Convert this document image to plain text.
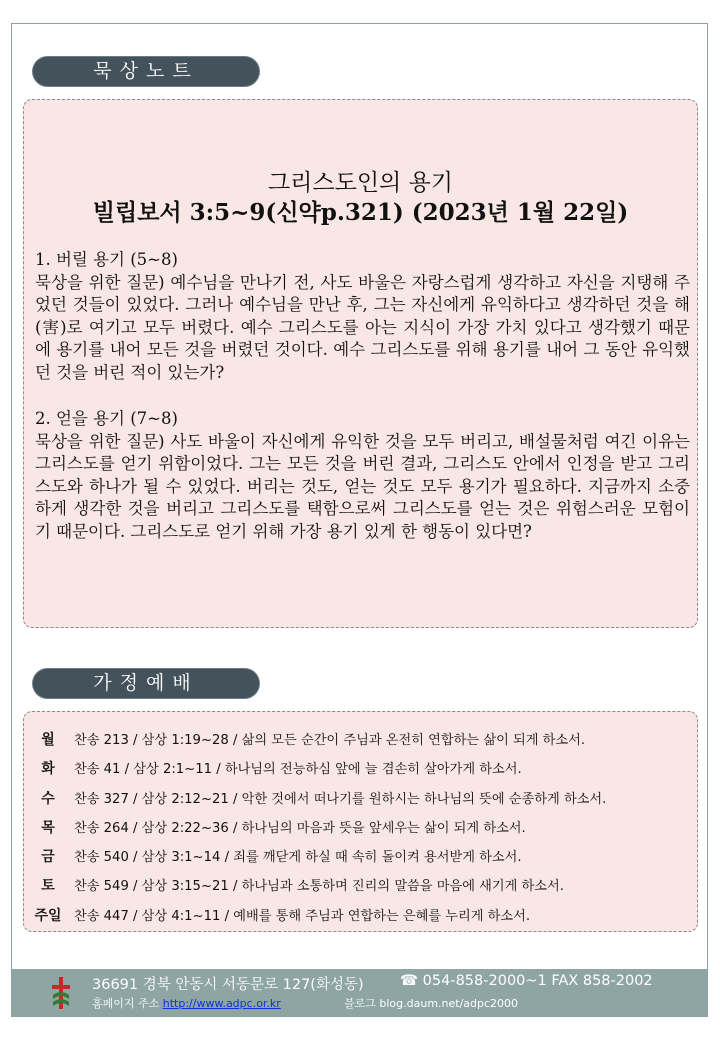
묵상노트
그리스도인의 용기
빌립보서 3:5~9(신약p.321) (2023년 1월 22일)
1. 버릴 용기 (5~8)
묵상을 위한 질문) 예수님을 만나기 전, 사도 바울은 자랑스럽게 생각하고 자신을 지탱해 주었던 것들이 있었다. 그러나 예수님을 만난 후, 그는 자신에게 유익하다고 생각하던 것을 해(害)로 여기고 모두 버렸다. 예수 그리스도를 아는 지식이 가장 가치 있다고 생각했기 때문에 용기를 내어 모든 것을 버렸던 것이다. 예수 그리스도를 위해 용기를 내어 그 동안 유익했던 것을 버린 적이 있는가?
2. 얻을 용기 (7~8)
묵상을 위한 질문) 사도 바울이 자신에게 유익한 것을 모두 버리고, 배설물처럼 여긴 이유는 그리스도를 얻기 위함이었다. 그는 모든 것을 버린 결과, 그리스도 안에서 인정을 받고 그리스도와 하나가 될 수 있었다. 버리는 것도, 얻는 것도 모두 용기가 필요하다. 지금까지 소중하게 생각한 것을 버리고 그리스도를 택함으로써 그리스도를 얻는 것은 위험스러운 모험이기 때문이다. 그리스도로 얻기 위해 가장 용기 있게 한 행동이 있다면?
가정예배
월	찬송 213 / 삼상 1:19~28 / 삶의 모든 순간이 주님과 온전히 연합하는 삶이 되게 하소서.
화	찬송 41 / 삼상 2:1~11 / 하나님의 전능하심 앞에 늘 겸손히 살아가게 하소서.
수	찬송 327 / 삼상 2:12~21 / 악한 것에서 떠나기를 원하시는 하나님의 뜻에 순종하게 하소서.
목	찬송 264 / 삼상 2:22~36 / 하나님의 마음과 뜻을 앞세우는 삶이 되게 하소서.
금	찬송 540 / 삼상 3:1~14 / 죄를 깨닫게 하실 때 속히 돌이켜 용서받게 하소서.
토	찬송 549 / 삼상 3:15~21 / 하나님과 소통하며 진리의 말씀을 마음에 새기게 하소서.
주일 찬송 447 / 삼상 4:1~11 / 예배를 통해 주님과 연합하는 은혜를 누리게 하소서.
36691 경북 안동시 서동문로 127(화성동)	☎ 054-858-2000~1 FAX 858-2002
홈페이지 주소 http://www.adpc.or.kr	블로그 blog.daum.net/adpc2000
